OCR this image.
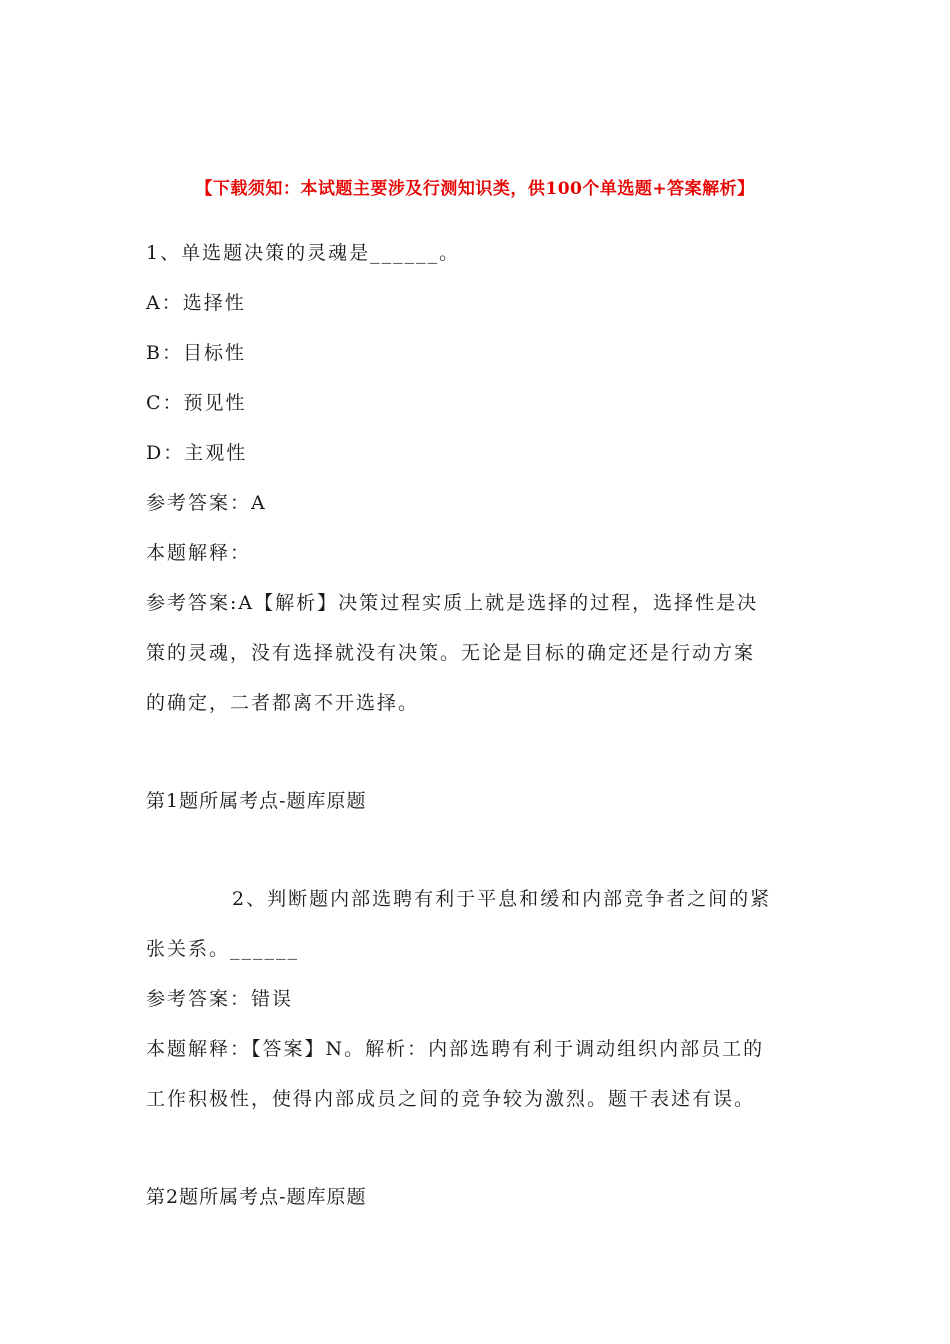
【下载须知：本试题主要涉及行测知识类，供100个单选题+答案解析】
1、单选题决策的灵魂是______。
A：选择性
B：目标性
C：预见性
D：主观性
参考答案：A
本题解释：
参考答案:A【解析】决策过程实质上就是选择的过程，选择性是决
策的灵魂，没有选择就没有决策。无论是目标的确定还是行动方案
的确定，二者都离不开选择。
第1题所属考点-题库原题
2、判断题内部选聘有利于平息和缓和内部竞争者之间的紧
张关系。______
参考答案：错误
本题解释：【答案】N。解析：内部选聘有利于调动组织内部员工的
工作积极性，使得内部成员之间的竞争较为激烈。题干表述有误。
第2题所属考点-题库原题
